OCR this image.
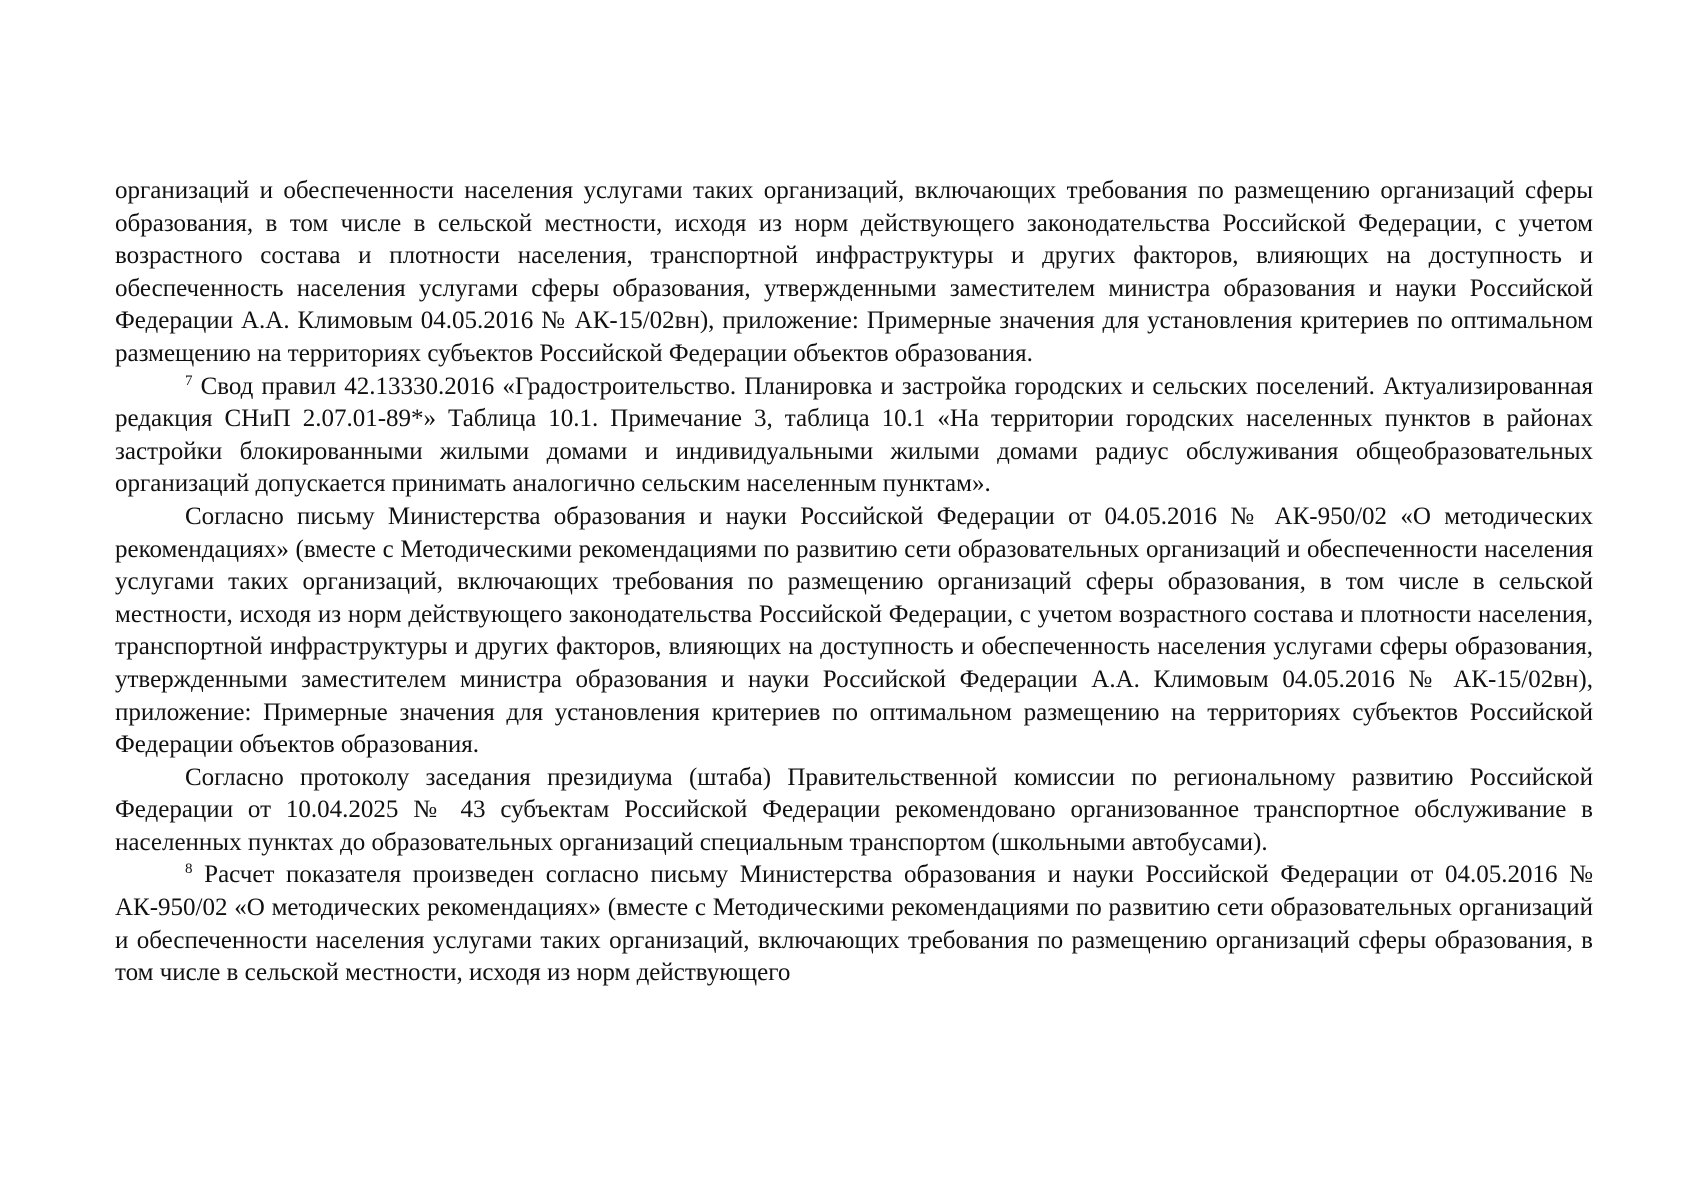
организаций и обеспеченности населения услугами таких организаций, включающих требования по размещению организаций сферы образования, в том числе в сельской местности, исходя из норм действующего законодательства Российской Федерации, с учетом возрастного состава и плотности населения, транспортной инфраструктуры и других факторов, влияющих на доступность и обеспеченность населения услугами сферы образования, утвержденными заместителем министра образования и науки Российской Федерации А.А. Климовым 04.05.2016 № АК-15/02вн), приложение: Примерные значения для установления критериев по оптимальном размещению на территориях субъектов Российской Федерации объектов образования.

$^7$ Свод правил 42.13330.2016 «Градостроительство. Планировка и застройка городских и сельских поселений. Актуализированная редакция СНиП 2.07.01-89*» Таблица 10.1. Примечание 3, таблица 10.1 «На территории городских населенных пунктов в районах застройки блокированными жилыми домами и индивидуальными жилыми домами радиус обслуживания общеобразовательных организаций допускается принимать аналогично сельским населенным пунктам».

Согласно письму Министерства образования и науки Российской Федерации от 04.05.2016 № АК-950/02 «О методических рекомендациях» (вместе с Методическими рекомендациями по развитию сети образовательных организаций и обеспеченности населения услугами таких организаций, включающих требования по размещению организаций сферы образования, в том числе в сельской местности, исходя из норм действующего законодательства Российской Федерации, с учетом возрастного состава и плотности населения, транспортной инфраструктуры и других факторов, влияющих на доступность и обеспеченность населения услугами сферы образования, утвержденными заместителем министра образования и науки Российской Федерации А.А. Климовым 04.05.2016 № АК-15/02вн), приложение: Примерные значения для установления критериев по оптимальном размещению на территориях субъектов Российской Федерации объектов образования.

Согласно протоколу заседания президиума (штаба) Правительственной комиссии по региональному развитию Российской Федерации от 10.04.2025 № 43 субъектам Российской Федерации рекомендовано организованное транспортное обслуживание в населенных пунктах до образовательных организаций специальным транспортом (школьными автобусами).

$^8$ Расчет показателя произведен согласно письму Министерства образования и науки Российской Федерации от 04.05.2016 № АК-950/02 «О методических рекомендациях» (вместе с Методическими рекомендациями по развитию сети образовательных организаций и обеспеченности населения услугами таких организаций, включающих требования по размещению организаций сферы образования, в том числе в сельской местности, исходя из норм действующего
